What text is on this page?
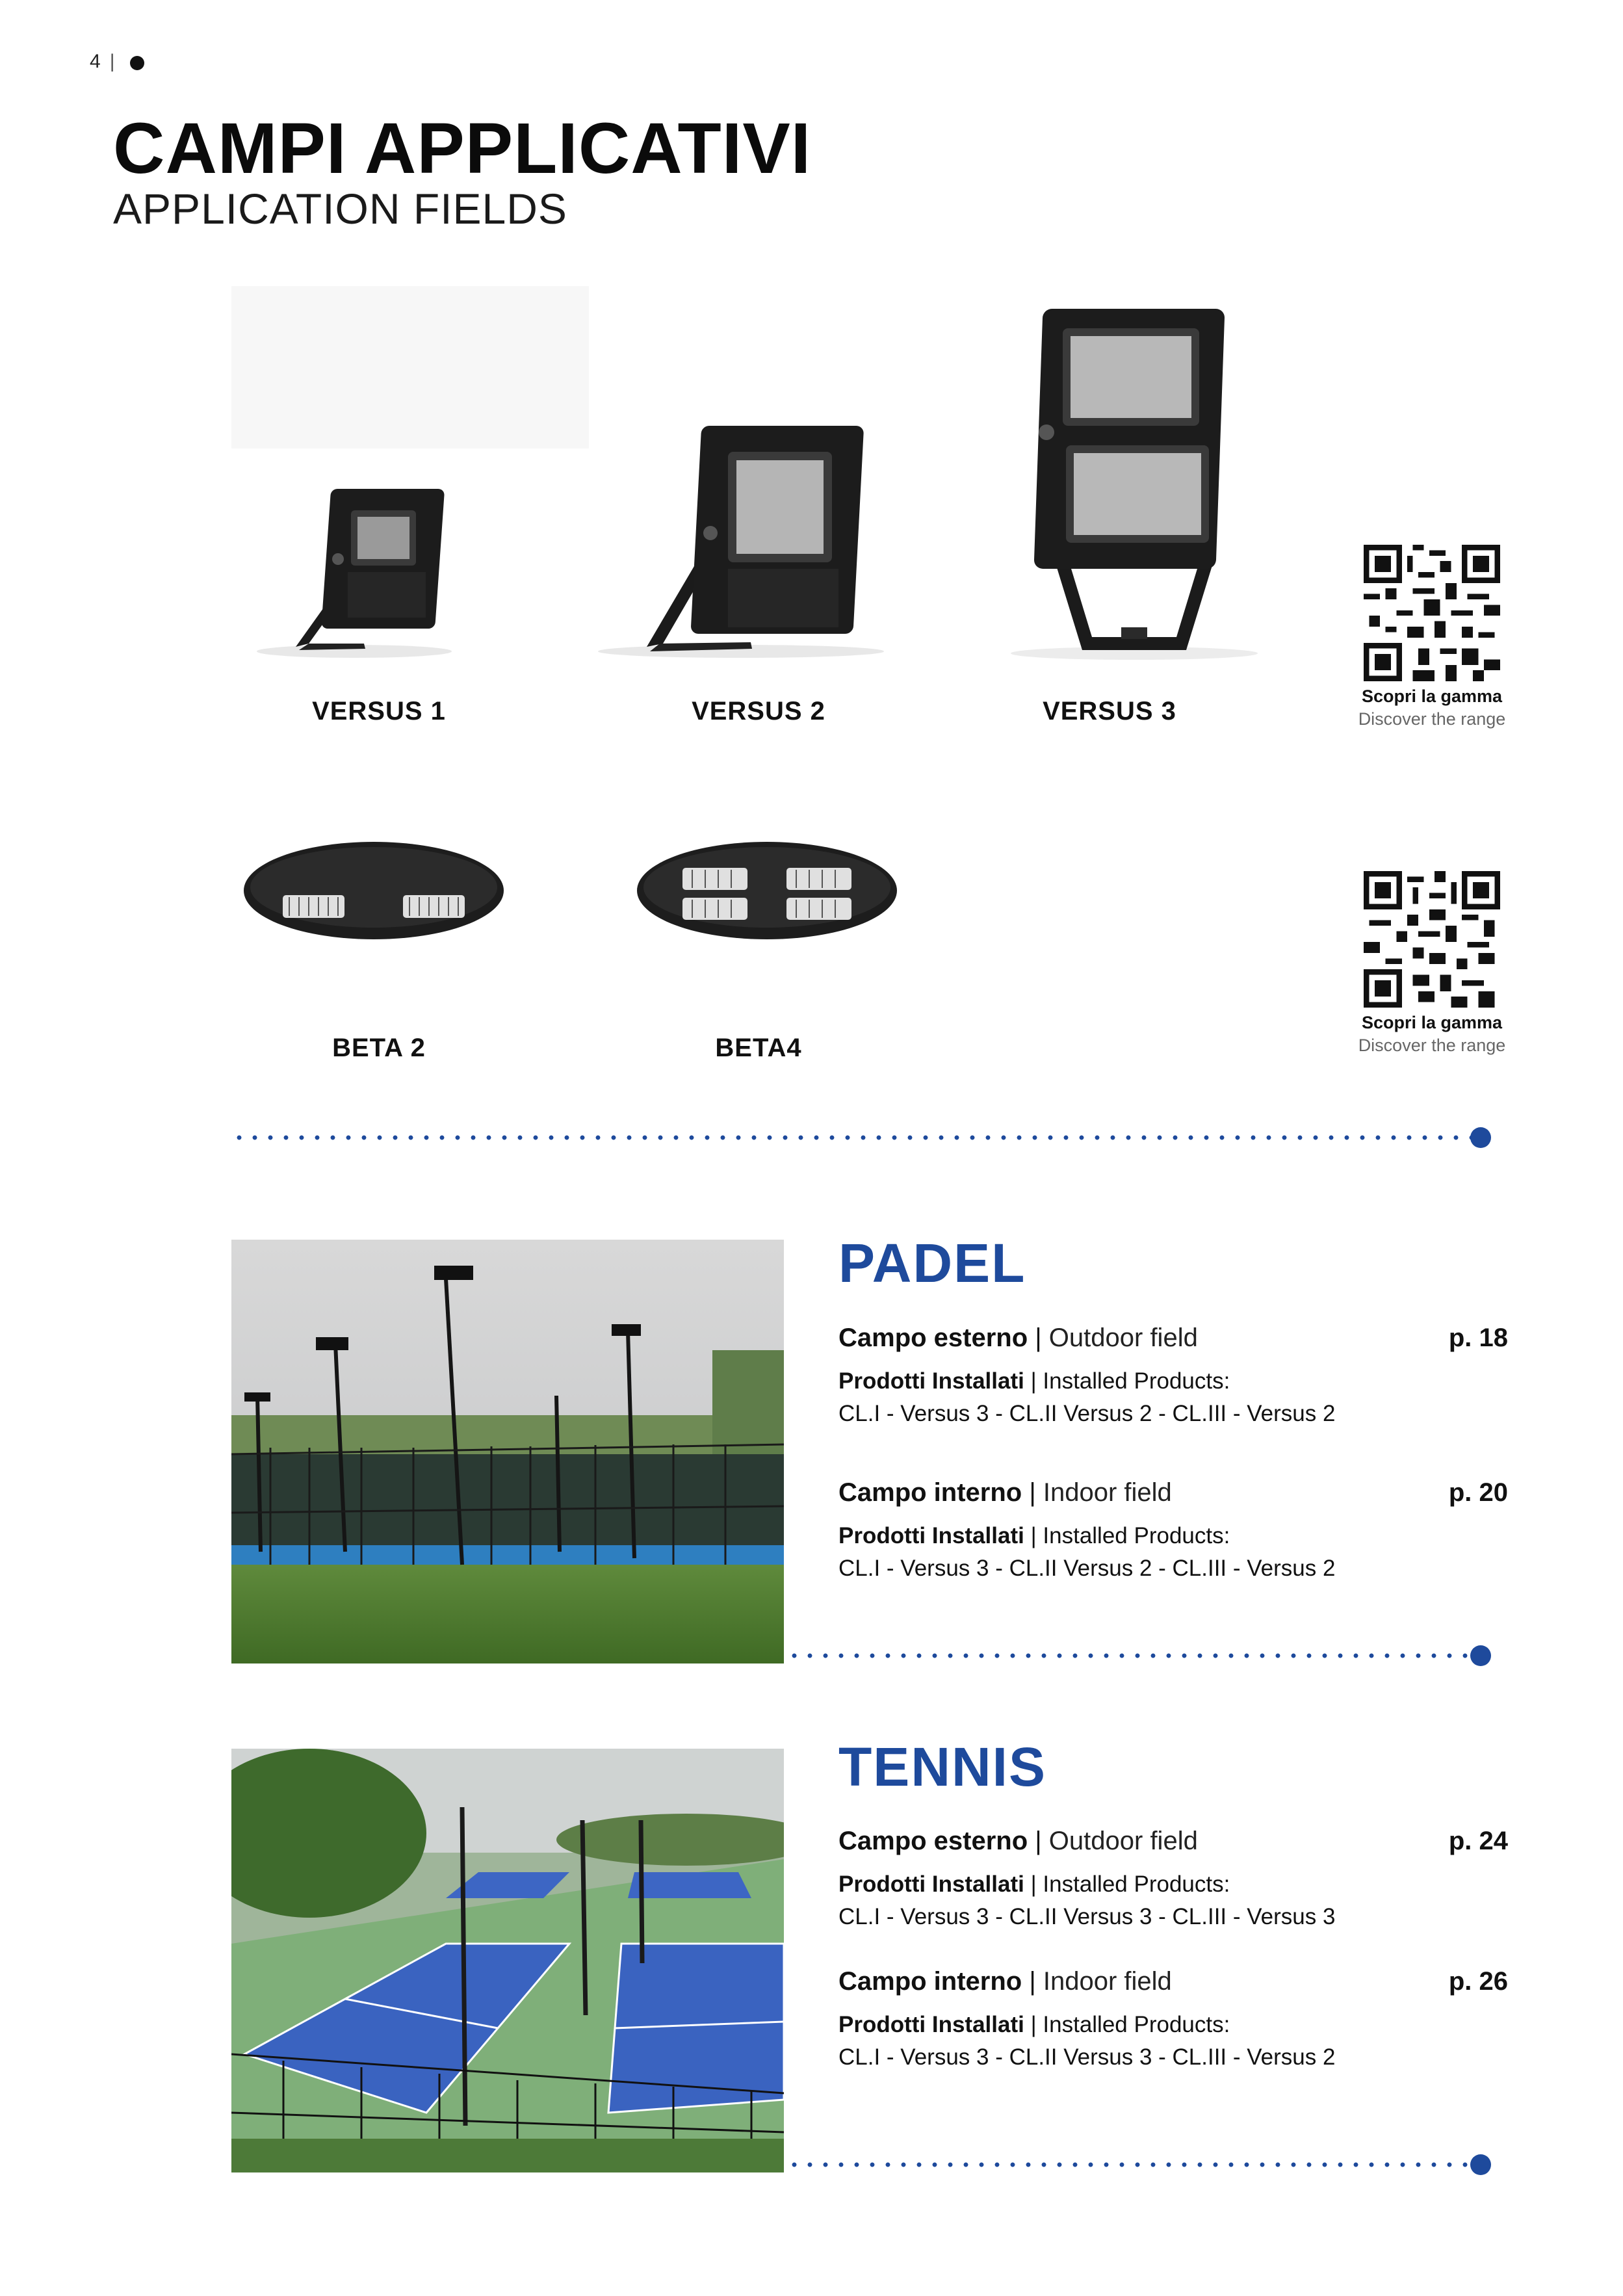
4 |
CAMPI APPLICATIVI
APPLICATION FIELDS
VERSUS 1	VERSUS 2	VERSUS 3
Scopri la gamma
Discover the range
BETA 2	BETA4
Scopri la gamma
Discover the range
PADEL
Campo esterno | Outdoor field	p. 18
Prodotti Installati | Installed Products:
CL.I - Versus 3 - CL.II Versus 2 - CL.III - Versus 2
Campo interno | Indoor field	p. 20
Prodotti Installati | Installed Products:
CL.I - Versus 3 - CL.II Versus 2 - CL.III - Versus 2
TENNIS
Campo esterno | Outdoor field	p. 24
Prodotti Installati | Installed Products:
CL.I - Versus 3 - CL.II Versus 3 - CL.III - Versus 3
Campo interno | Indoor field	p. 26
Prodotti Installati | Installed Products:
CL.I - Versus 3 - CL.II Versus 3 - CL.III - Versus 2
